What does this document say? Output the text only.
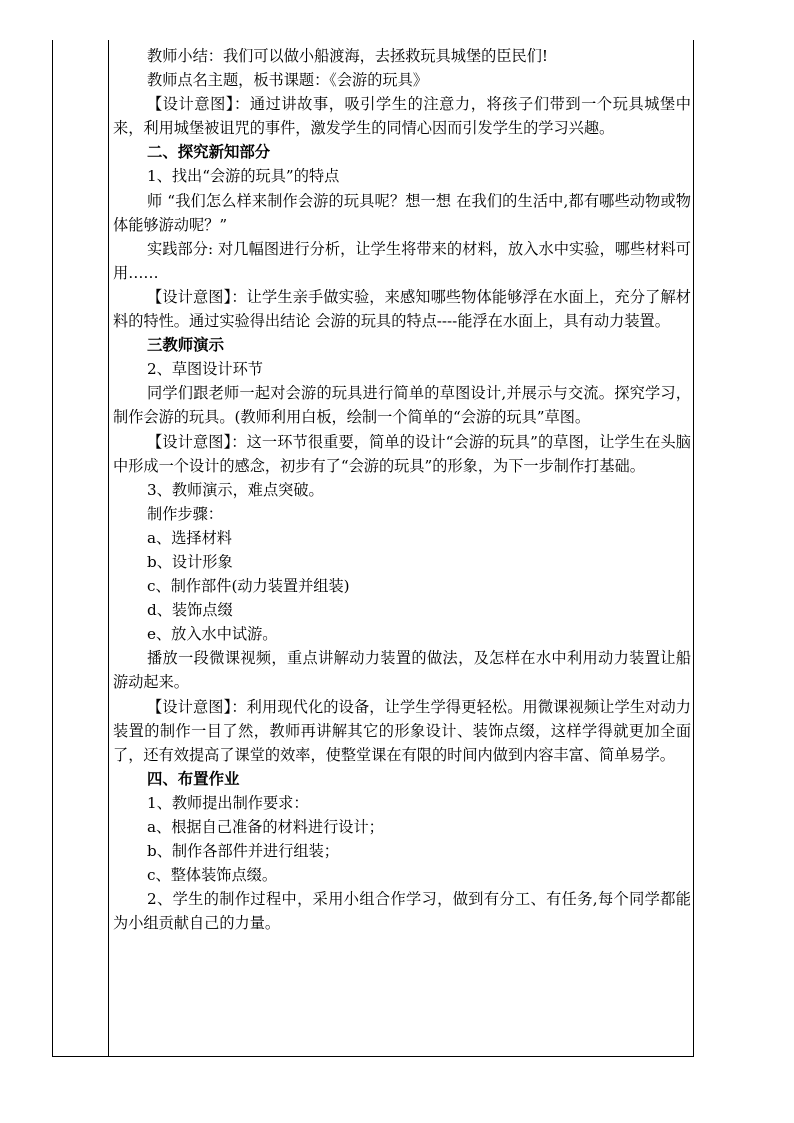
教师小结：我们可以做小船渡海，去拯救玩具城堡的臣民们!

教师点名主题，板书课题：《会游的玩具》

【设计意图】：通过讲故事，吸引学生的注意力，将孩子们带到一个玩具城堡中来，利用城堡被诅咒的事件，激发学生的同情心因而引发学生的学习兴趣。

二、探究新知部分

1、找出“会游的玩具”的特点

师 “我们怎么样来制作会游的玩具呢？想一想 在我们的生活中,都有哪些动物或物体能够游动呢？”

实践部分: 对几幅图进行分析，让学生将带来的材料，放入水中实验，哪些材料可用……

【设计意图】：让学生亲手做实验，来感知哪些物体能够浮在水面上，充分了解材料的特性。通过实验得出结论 会游的玩具的特点----能浮在水面上，具有动力装置。

三教师演示

2、草图设计环节

同学们跟老师一起对会游的玩具进行简单的草图设计,并展示与交流。探究学习，制作会游的玩具。(教师利用白板，绘制一个简单的“会游的玩具”草图。

【设计意图】：这一环节很重要，简单的设计“会游的玩具”的草图，让学生在头脑中形成一个设计的感念，初步有了“会游的玩具”的形象，为下一步制作打基础。

3、教师演示，难点突破。

制作步骤：

a、选择材料

b、设计形象

c、制作部件(动力装置并组装)

d、装饰点缀

e、放入水中试游。

播放一段微课视频，重点讲解动力装置的做法，及怎样在水中利用动力装置让船游动起来。

【设计意图】：利用现代化的设备，让学生学得更轻松。用微课视频让学生对动力装置的制作一目了然，教师再讲解其它的形象设计、装饰点缀，这样学得就更加全面了，还有效提高了课堂的效率，使整堂课在有限的时间内做到内容丰富、简单易学。

四、布置作业

1、教师提出制作要求：

a、根据自己准备的材料进行设计；

b、制作各部件并进行组装；

c、整体装饰点缀。

2、学生的制作过程中，采用小组合作学习，做到有分工、有任务,每个同学都能为小组贡献自己的力量。
